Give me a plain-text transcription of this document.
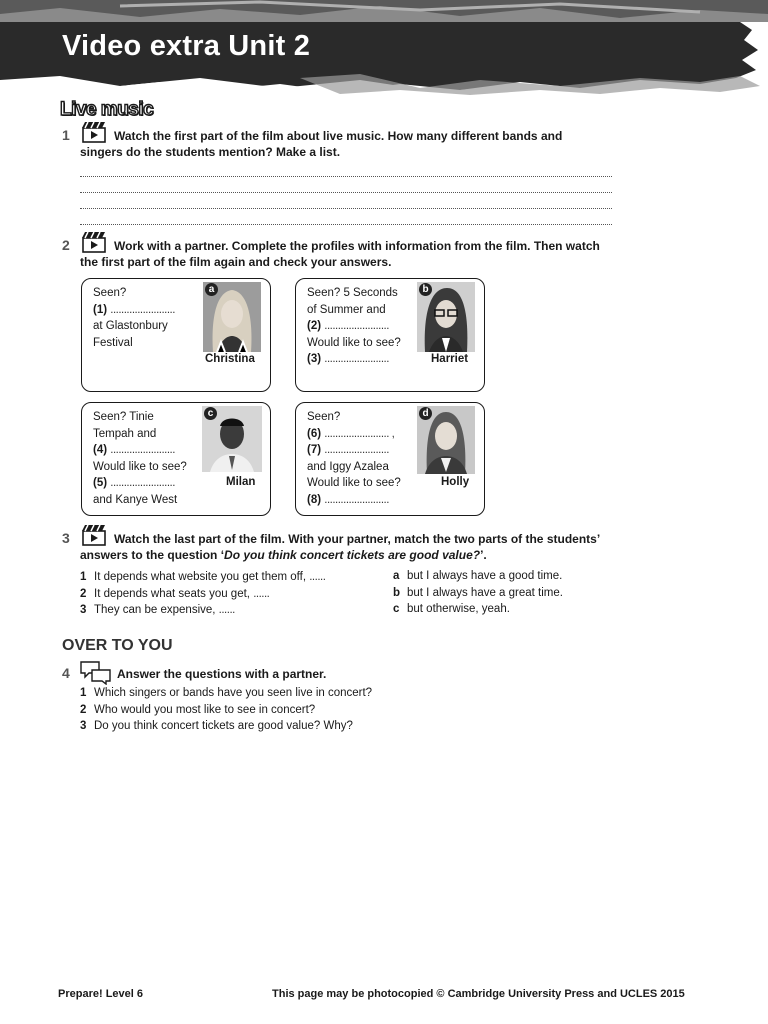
Video extra Unit 2
Live music
1	Watch the first part of the film about live music. How many different bands and
singers do the students mention? Make a list.
2	Work with a partner. Complete the profiles with information from the film. Then watch
the first part of the film again and check your answers.
Seen?
(1) ........................
at Glastonbury
Festival
a
Christina
Seen? 5 Seconds
of Summer and
(2) ........................
Would like to see?
(3) ........................
b
Harriet
Seen? Tinie
Tempah and
(4) ........................
Would like to see?
(5) ........................
and Kanye West
c
Milan
Seen?
(6) ........................ ,
(7) ........................
and Iggy Azalea
Would like to see?
(8) ........................
d
Holly
3	Watch the last part of the film. With your partner, match the two parts of the students’
answers to the question ‘Do you think concert tickets are good value?’.
1 It depends what website you get them off, ......
2 It depends what seats you get, ......
3 They can be expensive, ......
a but I always have a good time.
b but I always have a great time.
c but otherwise, yeah.
OVER TO YOU
4	Answer the questions with a partner.
1 Which singers or bands have you seen live in concert?
2 Who would you most like to see in concert?
3 Do you think concert tickets are good value? Why?
Prepare! Level 6	This page may be photocopied © Cambridge University Press and UCLES 2015
